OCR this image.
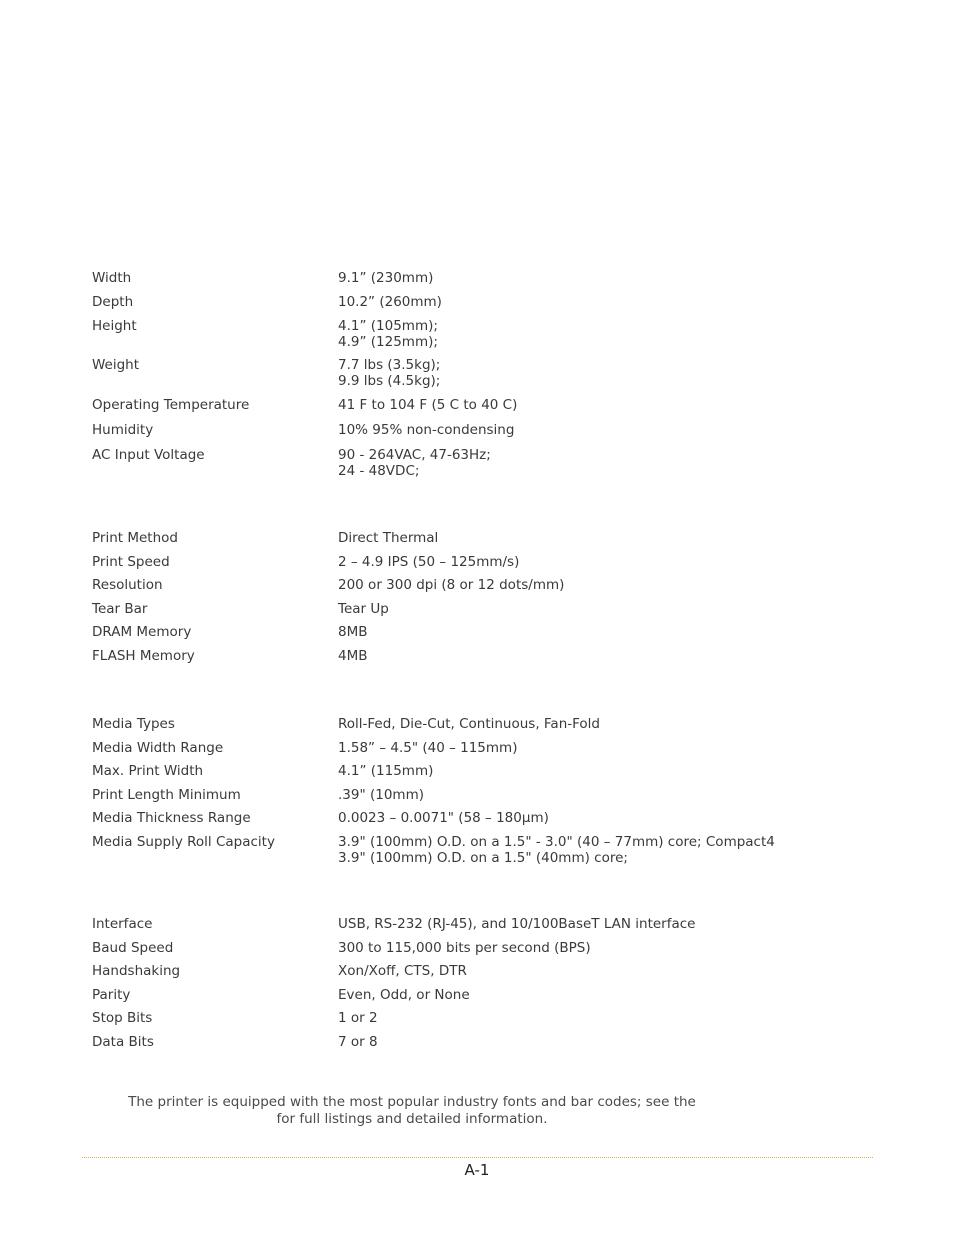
Width	9.1” (230mm)
Depth	10.2” (260mm)
Height	4.1” (105mm);
4.9” (125mm);
Weight	7.7 lbs (3.5kg);
9.9 lbs (4.5kg);
Operating Temperature	41 F to 104 F (5 C to 40 C)
Humidity	10% 95% non-condensing
AC Input Voltage	90 - 264VAC, 47-63Hz;
24 - 48VDC;
Print Method	Direct Thermal
Print Speed	2 – 4.9 IPS (50 – 125mm/s)
Resolution	200 or 300 dpi (8 or 12 dots/mm)
Tear Bar	Tear Up
DRAM Memory	8MB
FLASH Memory	4MB
Media Types	Roll-Fed, Die-Cut, Continuous, Fan-Fold
Media Width Range	1.58” – 4.5" (40 – 115mm)
Max. Print Width	4.1” (115mm)
Print Length Minimum	.39" (10mm)
Media Thickness Range	0.0023 – 0.0071" (58 – 180µm)
Media Supply Roll Capacity	3.9" (100mm) O.D. on a 1.5" - 3.0" (40 – 77mm) core; Compact4
3.9" (100mm) O.D. on a 1.5" (40mm) core;
Interface	USB, RS-232 (RJ-45), and 10/100BaseT LAN interface
Baud Speed	300 to 115,000 bits per second (BPS)
Handshaking	Xon/Xoff, CTS, DTR
Parity	Even, Odd, or None
Stop Bits	1 or 2
Data Bits	7 or 8
The printer is equipped with the most popular industry fonts and bar codes; see the
for full listings and detailed information.
A-1
